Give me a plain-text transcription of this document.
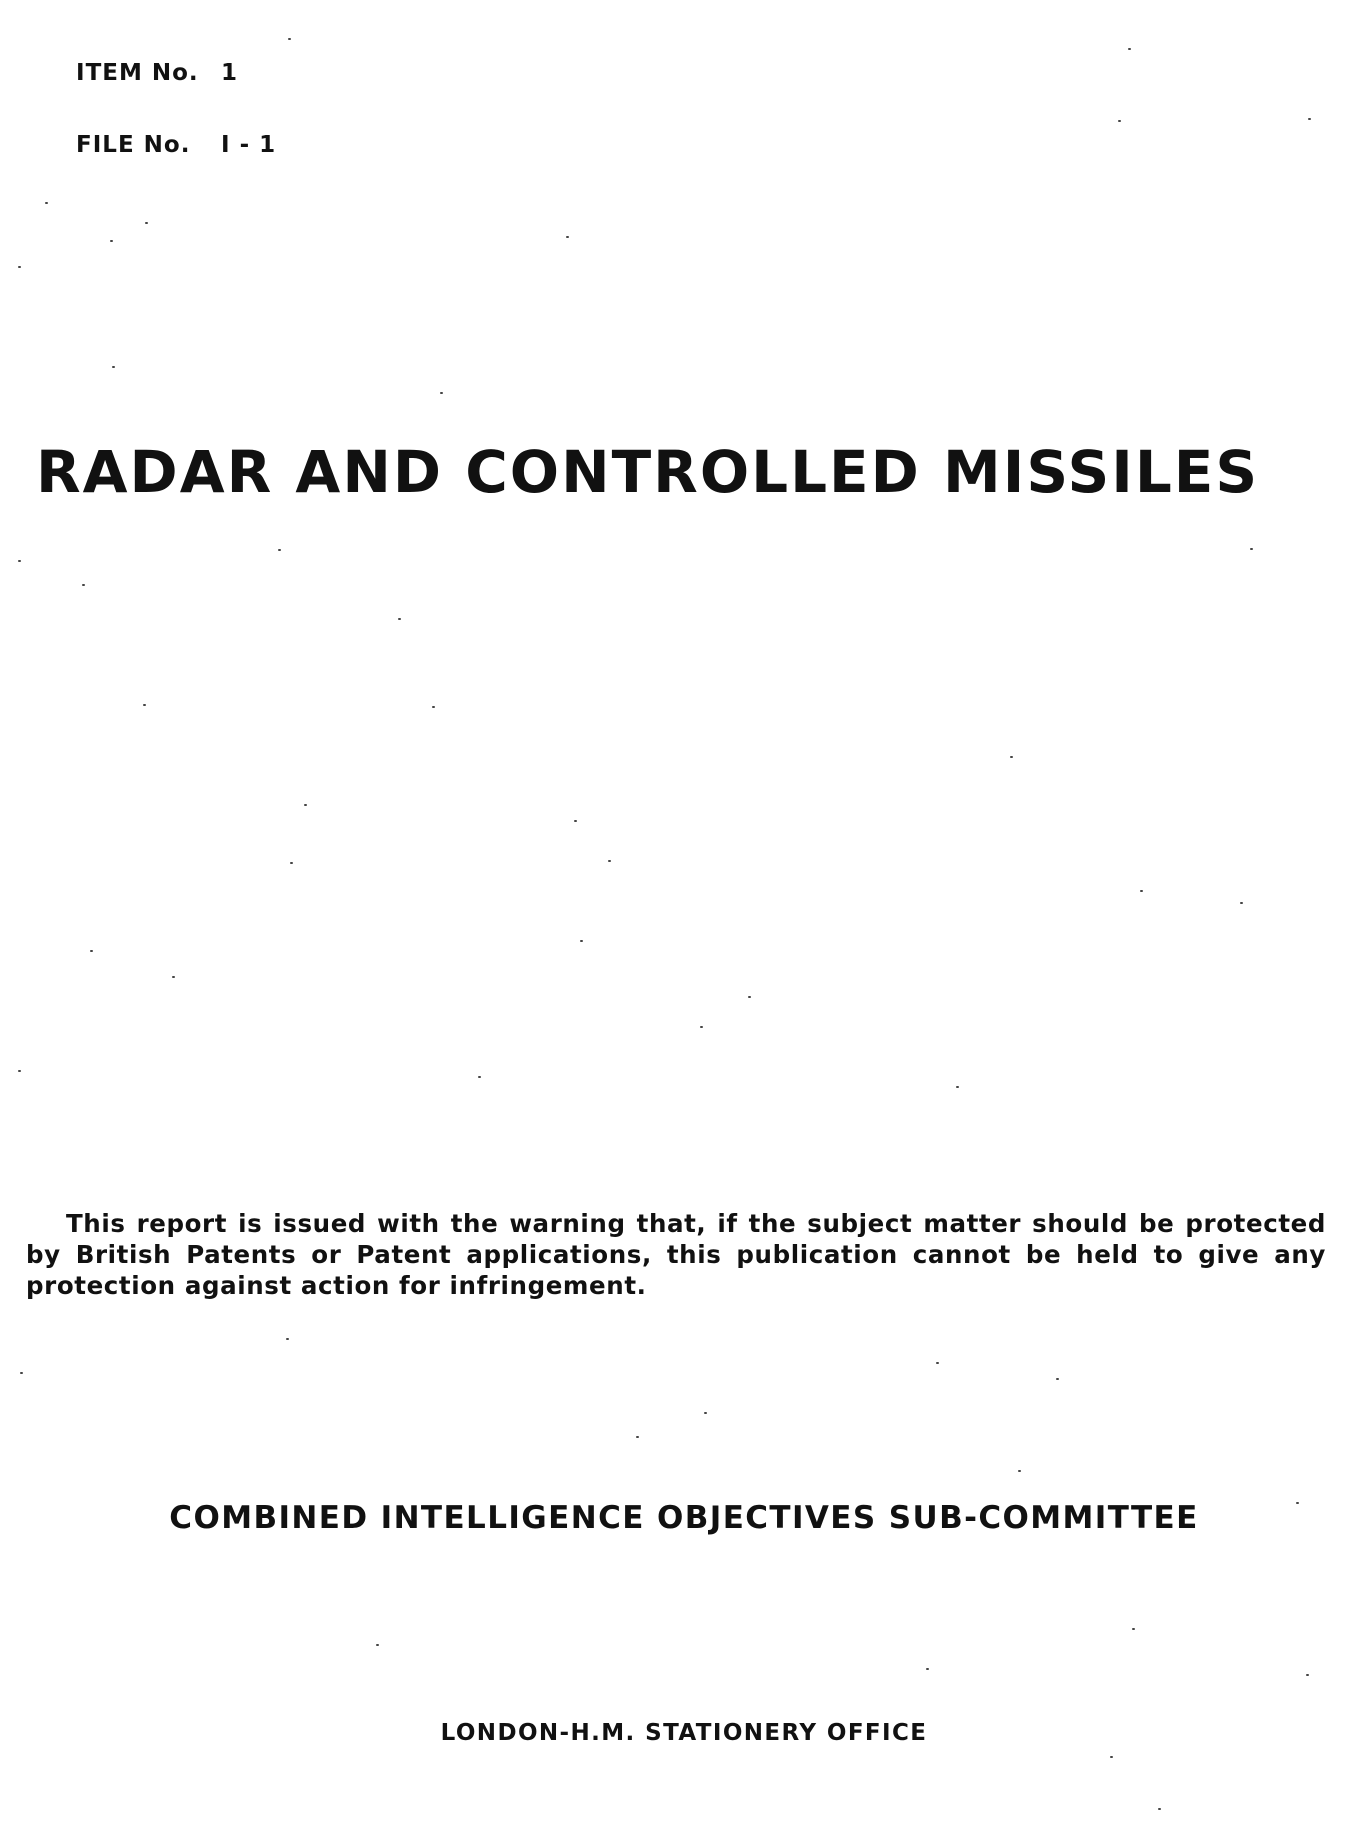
ITEM No. 1

FILE No. I - 1

RADAR AND CONTROLLED MISSILES

This report is issued with the warning that, if the subject matter should be protected by British Patents or Patent applications, this publication cannot be held to give any protection against action for infringement.

COMBINED INTELLIGENCE OBJECTIVES SUB-COMMITTEE
LONDON-H.M. STATIONERY OFFICE
